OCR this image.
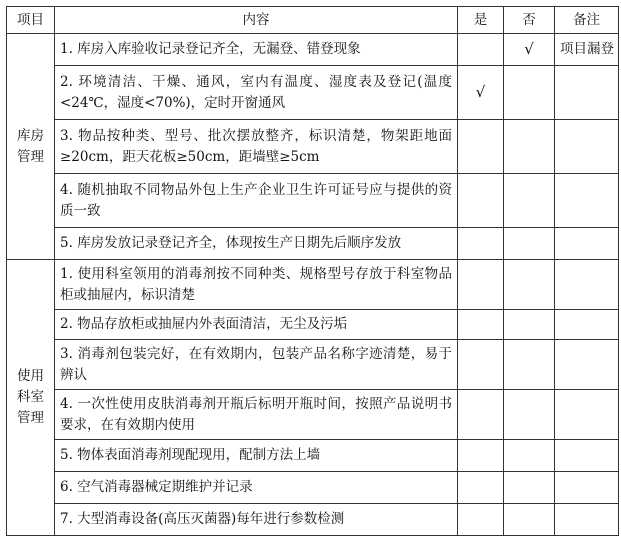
项目	内容	是	否	备注
库房管理	1. 库房入库验收记录登记齐全，无漏登、错登现象		√	项目漏登
	2. 环境清洁、干燥、通风，室内有温度、湿度表及登记(温度<24℃，湿度<70%)，定时开窗通风	√		
	3. 物品按种类、型号、批次摆放整齐，标识清楚，物架距地面≥20cm，距天花板≥50cm，距墙壁≥5cm			
	4. 随机抽取不同物品外包上生产企业卫生许可证号应与提供的资质一致			
	5. 库房发放记录登记齐全，体现按生产日期先后顺序发放			
使用科室管理	1. 使用科室领用的消毒剂按不同种类、规格型号存放于科室物品柜或抽屉内，标识清楚			
	2. 物品存放柜或抽屉内外表面清洁，无尘及污垢			
	3. 消毒剂包装完好，在有效期内，包装产品名称字迹清楚，易于辨认			
	4. 一次性使用皮肤消毒剂开瓶后标明开瓶时间，按照产品说明书要求，在有效期内使用			
	5. 物体表面消毒剂现配现用，配制方法上墙			
	6. 空气消毒器械定期维护并记录			
	7. 大型消毒设备(高压灭菌器)每年进行参数检测			
